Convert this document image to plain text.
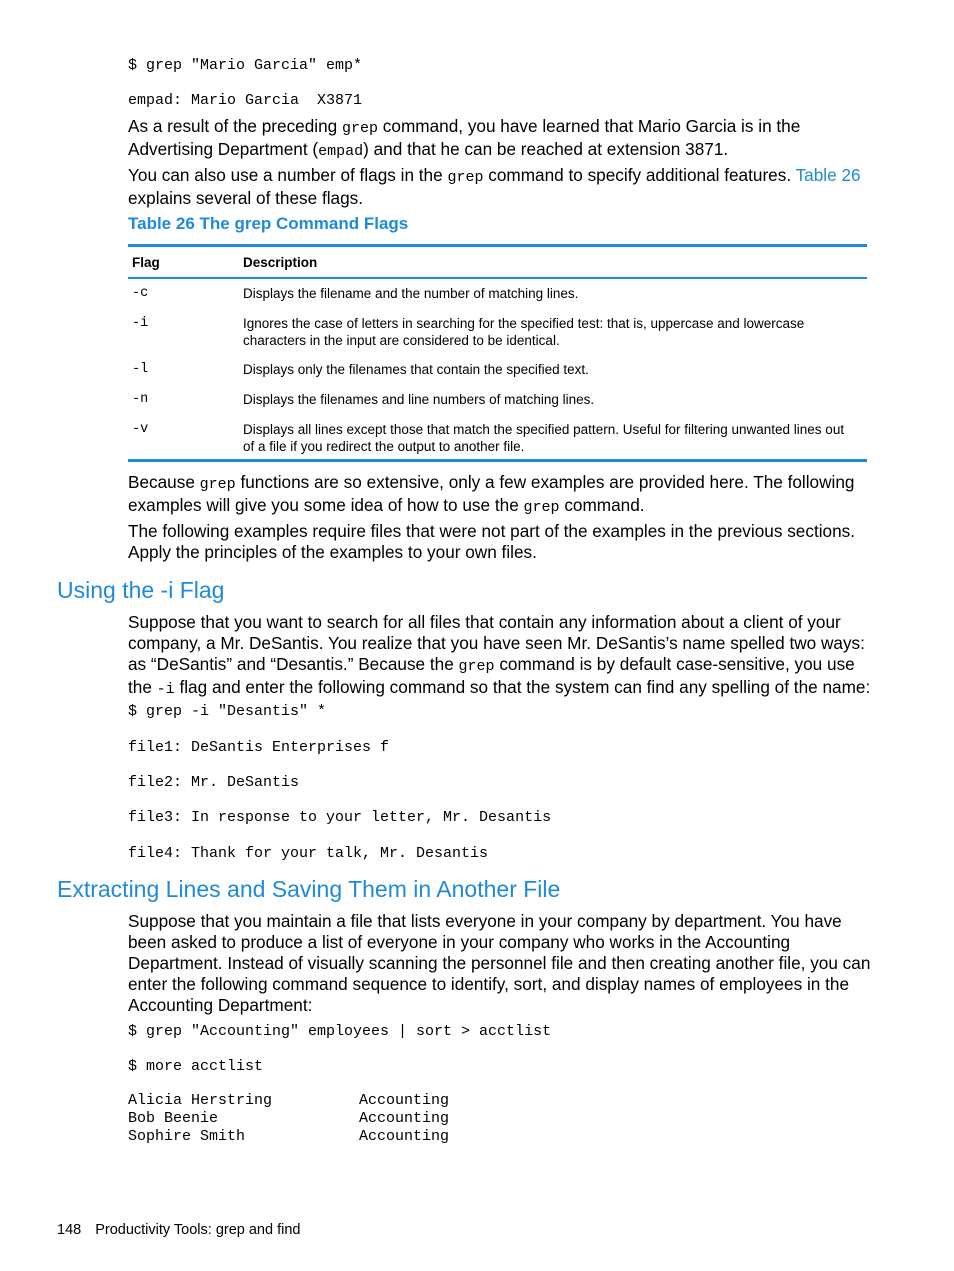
$ grep "Mario Garcia" emp*
empad: Mario Garcia  X3871

As a result of the preceding grep command, you have learned that Mario Garcia is in the Advertising Department (empad) and that he can be reached at extension 3871.

You can also use a number of flags in the grep command to specify additional features. Table 26 explains several of these flags.

Table 26 The grep Command Flags

Flag	Description
-c	Displays the filename and the number of matching lines.
-i	Ignores the case of letters in searching for the specified test: that is, uppercase and lowercase characters in the input are considered to be identical.
-l	Displays only the filenames that contain the specified text.
-n	Displays the filenames and line numbers of matching lines.
-v	Displays all lines except those that match the specified pattern. Useful for filtering unwanted lines out of a file if you redirect the output to another file.

Because grep functions are so extensive, only a few examples are provided here. The following examples will give you some idea of how to use the grep command.

The following examples require files that were not part of the examples in the previous sections. Apply the principles of the examples to your own files.

Using the -i Flag

Suppose that you want to search for all files that contain any information about a client of your company, a Mr. DeSantis. You realize that you have seen Mr. DeSantis’s name spelled two ways: as “DeSantis” and “Desantis.” Because the grep command is by default case-sensitive, you use the -i flag and enter the following command so that the system can find any spelling of the name:

$ grep -i "Desantis" *
file1: DeSantis Enterprises f
file2: Mr. DeSantis
file3: In response to your letter, Mr. Desantis
file4: Thank for your talk, Mr. Desantis
Extracting Lines and Saving Them in Another File

Suppose that you maintain a file that lists everyone in your company by department. You have been asked to produce a list of everyone in your company who works in the Accounting Department. Instead of visually scanning the personnel file and then creating another file, you can enter the following command sequence to identify, sort, and display names of employees in the Accounting Department:

$ grep "Accounting" employees | sort > acctlist
$ more acctlist
Alicia Herstring	Accounting
Bob Beenie	Accounting
Sophire Smith	Accounting
148 Productivity Tools: grep and find
